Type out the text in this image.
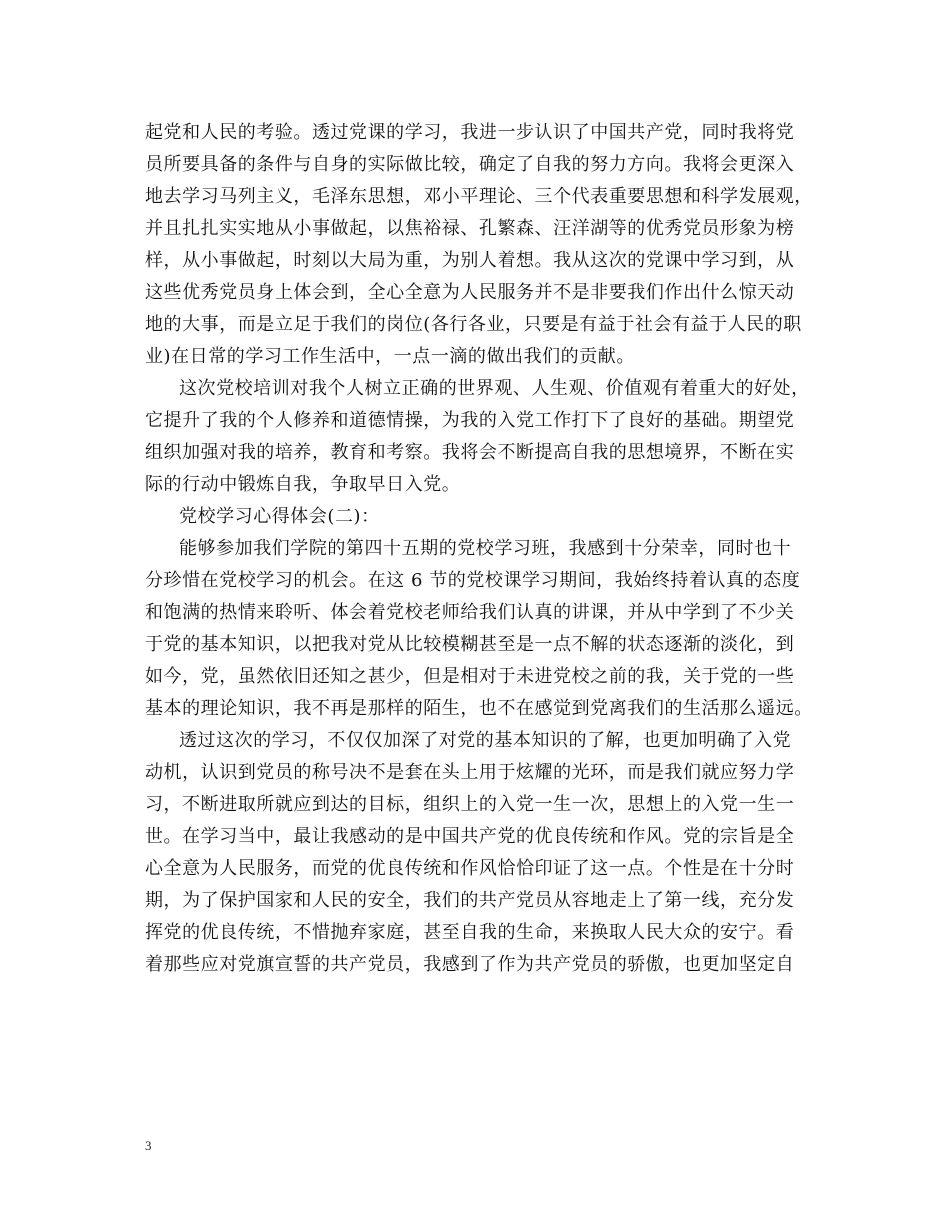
起党和人民的考验。透过党课的学习，我进一步认识了中国共产党，同时我将党
员所要具备的条件与自身的实际做比较，确定了自我的努力方向。我将会更深入
地去学习马列主义，毛泽东思想，邓小平理论、三个代表重要思想和科学发展观，
并且扎扎实实地从小事做起，以焦裕禄、孔繁森、汪洋湖等的优秀党员形象为榜
样，从小事做起，时刻以大局为重，为别人着想。我从这次的党课中学习到，从
这些优秀党员身上体会到，全心全意为人民服务并不是非要我们作出什么惊天动
地的大事，而是立足于我们的岗位(各行各业，只要是有益于社会有益于人民的职
业)在日常的学习工作生活中，一点一滴的做出我们的贡献。
这次党校培训对我个人树立正确的世界观、人生观、价值观有着重大的好处，
它提升了我的个人修养和道德情操，为我的入党工作打下了良好的基础。期望党
组织加强对我的培养，教育和考察。我将会不断提高自我的思想境界，不断在实
际的行动中锻炼自我，争取早日入党。
党校学习心得体会(二)：
能够参加我们学院的第四十五期的党校学习班，我感到十分荣幸，同时也十
分珍惜在党校学习的机会。在这 6 节的党校课学习期间，我始终持着认真的态度
和饱满的热情来聆听、体会着党校老师给我们认真的讲课，并从中学到了不少关
于党的基本知识，以把我对党从比较模糊甚至是一点不解的状态逐渐的淡化，到
如今，党，虽然依旧还知之甚少，但是相对于未进党校之前的我，关于党的一些
基本的理论知识，我不再是那样的陌生，也不在感觉到党离我们的生活那么遥远。
透过这次的学习，不仅仅加深了对党的基本知识的了解，也更加明确了入党
动机，认识到党员的称号决不是套在头上用于炫耀的光环，而是我们就应努力学
习，不断进取所就应到达的目标，组织上的入党一生一次，思想上的入党一生一
世。在学习当中，最让我感动的是中国共产党的优良传统和作风。党的宗旨是全
心全意为人民服务，而党的优良传统和作风恰恰印证了这一点。个性是在十分时
期，为了保护国家和人民的安全，我们的共产党员从容地走上了第一线，充分发
挥党的优良传统，不惜抛弃家庭，甚至自我的生命，来换取人民大众的安宁。看
着那些应对党旗宣誓的共产党员，我感到了作为共产党员的骄傲，也更加坚定自
3
